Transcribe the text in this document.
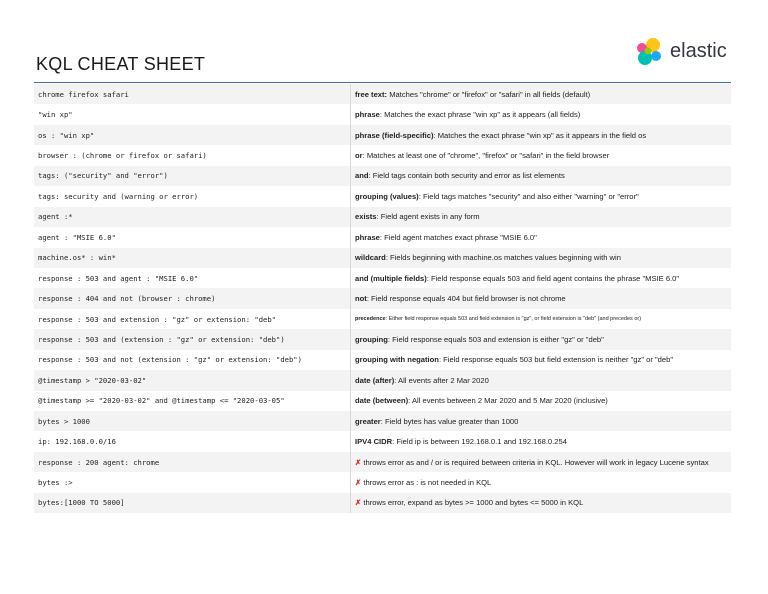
KQL CHEAT SHEET
elastic
chrome firefox safari	free text: Matches "chrome" or "firefox" or "safari" in all fields (default)
"win xp"	phrase: Matches the exact phrase "win xp" as it appears (all fields)
os : "win xp"	phrase (field-specific): Matches the exact phrase "win xp" as it appears in the field os
browser : (chrome or firefox or safari)	or: Matches at least one of "chrome", "firefox" or "safari" in the field browser
tags: ("security" and "error")	and: Field tags contain both security and error as list elements
tags: security and (warning or error)	grouping (values): Field tags matches "security" and also either "warning" or "error"
agent :*	exists: Field agent exists in any form
agent : "MSIE 6.0"	phrase: Field agent matches exact phrase "MSIE 6.0"
machine.os* : win*	wildcard: Fields beginning with machine.os matches values beginning with win
response : 503 and agent : "MSIE 6.0"	and (multiple fields): Field response equals 503 and field agent contains the phrase "MSIE 6.0"
response : 404 and not (browser : chrome)	not: Field response equals 404 but field browser is not chrome
response : 503 and extension : "gz" or extension: "deb"	precedence: Either field response equals 503 and field extension is "gz", or field extension is "deb" (and precedes or)
response : 503 and (extension : "gz" or extension: "deb")	grouping: Field response equals 503 and extension is either "gz" or "deb"
response : 503 and not (extension : "gz" or extension: "deb")	grouping with negation: Field response equals 503 but field extension is neither "gz" or "deb"
@timestamp > "2020-03-02"	date (after): All events after 2 Mar 2020
@timestamp >= "2020-03-02" and @timestamp <= "2020-03-05"	date (between): All events between 2 Mar 2020 and 5 Mar 2020 (inclusive)
bytes > 1000	greater: Field bytes has value greater than 1000
ip: 192.168.0.0/16	IPV4 CIDR: Field ip is between 192.168.0.1 and 192.168.0.254
response : 200 agent: chrome	✗ throws error as and / or is required between criteria in KQL. However will work in legacy Lucene syntax
bytes :>	✗ throws error as : is not needed in KQL
bytes:[1000 TO 5000]	✗ throws error, expand as bytes >= 1000 and bytes <= 5000 in KQL
